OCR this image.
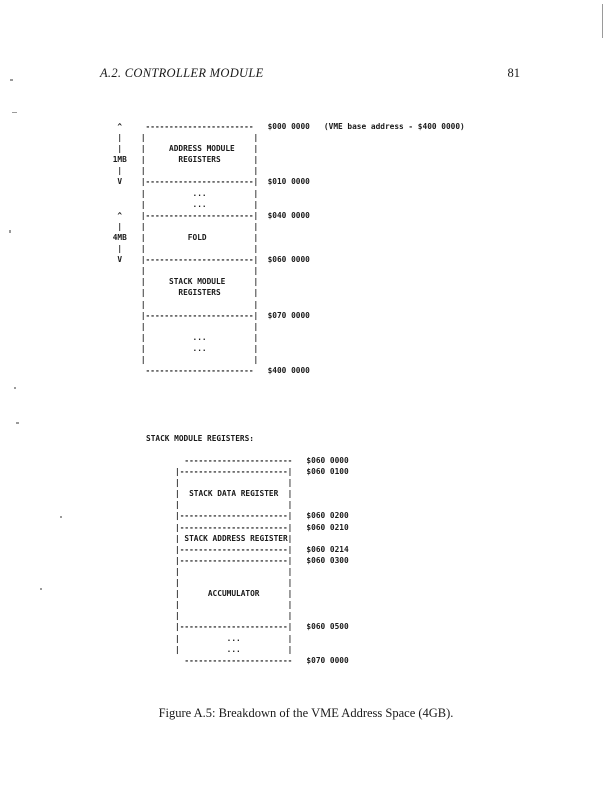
A.2. CONTROLLER MODULE	81
^     -----------------------   $000 0000   (VME base address - $400 0000)
|    |                       |
|    |     ADDRESS MODULE    |
1MB   |       REGISTERS       |
|    |                       |
V    |-----------------------|  $010 0000
|          ...          |
|          ...          |
^    |-----------------------|  $040 0000
|    |                       |
4MB   |         FOLD          |
|    |                       |
V    |-----------------------|  $060 0000
|                       |
|     STACK MODULE      |
|       REGISTERS       |
|                       |
|-----------------------|  $070 0000
|                       |
|          ...          |
|          ...          |
|                       |
-----------------------   $400 0000

STACK MODULE REGISTERS:
-----------------------   $060 0000
|-----------------------|   $060 0100
|                       |
|  STACK DATA REGISTER  |
|                       |
|-----------------------|   $060 0200
|-----------------------|   $060 0210
| STACK ADDRESS REGISTER|
|-----------------------|   $060 0214
|-----------------------|   $060 0300
|                       |
|                       |
|      ACCUMULATOR      |
|                       |
|                       |
|-----------------------|   $060 0500
|          ...          |
|          ...          |
-----------------------   $070 0000

Figure A.5: Breakdown of the VME Address Space (4GB).
